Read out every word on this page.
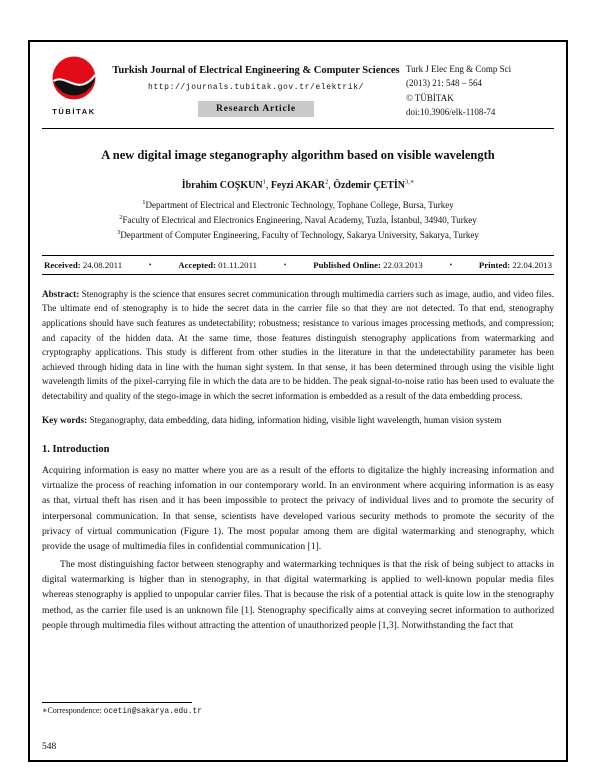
TÜBİTAK
Turkish Journal of Electrical Engineering & Computer Sciences
http://journals.tubitak.gov.tr/elektrik/
Research Article
Turk J Elec Eng & Comp Sci
(2013) 21: 548 – 564
© TÜBİTAK
doi:10.3906/elk-1108-74
A new digital image steganography algorithm based on visible wavelength
İbrahim COŞKUN$^1$, Feyzi AKAR$^2$, Özdemir $ÇETİN^{3,∗}$
$^1$Department of Electrical and Electronic Technology, Tophane College, Bursa, Turkey
$^2$Faculty of Electrical and Electronics Engineering, Naval Academy, Tuzla, İstanbul, 34940, Turkey
$^3$Department of Computer Engineering, Faculty of Technology, Sakarya University, Sakarya, Turkey
Received: 24.08.2011	•	Accepted: 01.11.2011	•	Published Online: 22.03.2013	•	Printed: 22.04.2013
Abstract: Stenography is the science that ensures secret communication through multimedia carriers such as image, audio, and video files. The ultimate end of stenography is to hide the secret data in the carrier file so that they are not detected. To that end, stenography applications should have such features as undetectability; robustness; resistance to various images processing methods, and compression; and capacity of the hidden data. At the same time, those features distinguish stenography applications from watermarking and cryptography applications. This study is different from other studies in the literature in that the undetectability parameter has been achieved through hiding data in line with the human sight system. In that sense, it has been determined through using the visible light wavelength limits of the pixel-carrying file in which the data are to be hidden. The peak signal-to-noise ratio has been used to evaluate the detectability and quality of the stego-image in which the secret information is embedded as a result of the data embedding process.
Key words: Steganography, data embedding, data hiding, information hiding, visible light wavelength, human vision system
1. Introduction

Acquiring information is easy no matter where you are as a result of the efforts to digitalize the highly increasing information and virtualize the process of reaching infomation in our contemporary world. In an environment where acquiring information is as easy as that, virtual theft has risen and it has been impossible to protect the privacy of individual lives and to promote the security of interpersonal communication. In that sense, scientists have developed various security methods to promote the security of the privacy of virtual communication (Figure 1). The most popular among them are digital watermarking and stenography, which provide the usage of multimedia files in confidential communication [1].

The most distinguishing factor between stenography and watermarking techniques is that the risk of being subject to attacks in digital watermarking is higher than in stenography, in that digital watermarking is applied to well-known popular media files whereas stenography is applied to unpopular carrier files. That is because the risk of a potential attack is quite low in the stenography method, as the carrier file used is an unknown file [1]. Stenography specifically aims at conveying secret information to authorized people through multimedia files without attracting the attention of unauthorized people [1,3]. Notwithstanding the fact that

∗Correspondence: ocetin@sakarya.edu.tr
548
